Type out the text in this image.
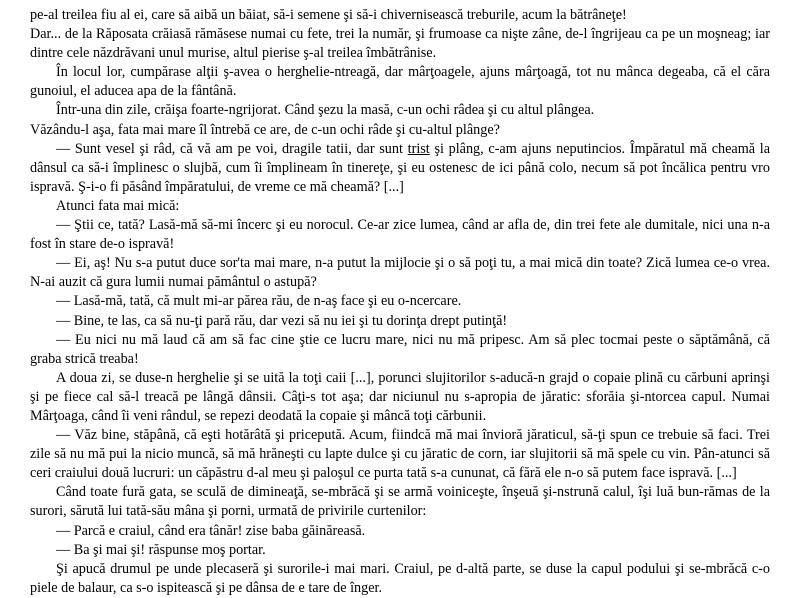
pe-al treilea fiu al ei, care să aibă un băiat, să-i semene şi să-i chivernisească treburile, acum la bătrâneţe!

Dar... de la Răposata crăiasă rămăsese numai cu fete, trei la număr, şi frumoase ca nişte zâne, de-l îngrijeau ca pe un moşneag; iar dintre cele năzdrăvani unul murise, altul pierise ş-al treilea îmbătrânise.

În locul lor, cumpărase alţii ş-avea o herghelie-ntreagă, dar mârţoagele, ajuns mârţoagă, tot nu mânca degeaba, că el căra gunoiul, el aducea apa de la fântână.

Într-una din zile, crăişa foarte-ngrijorat. Când şezu la masă, c-un ochi râdea şi cu altul plângea.

Văzându-l aşa, fata mai mare îl întrebă ce are, de c-un ochi râde şi cu-altul plânge?

— Sunt vesel şi râd, că vă am pe voi, dragile tatii, dar sunt trist şi plâng, c-am ajuns neputincios. Împăratul mă cheamă la dânsul ca să-i împlinesc o slujbă, cum îi împlineam în tinereţe, şi eu ostenesc de ici până colo, necum să pot încălica pentru vro ispravă. Ş-i-o fi păsând împăratului, de vreme ce mă cheamă? [...]

Atunci fata mai mică:

— Ştii ce, tată? Lasă-mă să-mi încerc şi eu norocul. Ce-ar zice lumea, când ar afla de, din trei fete ale dumitale, nici una n-a fost în stare de-o ispravă!

— Ei, aş! Nu s-a putut duce sor'ta mai mare, n-a putut la mijlocie şi o să poţi tu, a mai mică din toate? Zică lumea ce-o vrea. N-ai auzit că gura lumii numai pământul o astupă?

— Lasă-mă, tată, că mult mi-ar părea rău, de n-aş face şi eu o-ncercare.

— Bine, te las, ca să nu-ţi pară rău, dar vezi să nu iei şi tu dorinţa drept putinţă!

— Eu nici nu mă laud că am să fac cine ştie ce lucru mare, nici nu mă pripesc. Am să plec tocmai peste o săptămână, că graba strică treaba!

A doua zi, se duse-n herghelie şi se uită la toţi caii [...], porunci slujitorilor s-aducă-n grajd o copaie plină cu cărbuni aprinşi şi pe fiece cal să-l treacă pe lângă dânsii. Câţi-s tot aşa; dar niciunul nu s-apropia de jăratic: sforăia şi-ntorcea capul. Numai Mârţoaga, când îi veni rândul, se repezi deodată la copaie şi mâncă toţi cărbunii.

— Văz bine, stăpână, că eşti hotărâtă şi pricepută. Acum, fiindcă mă mai învioră jăraticul, să-ţi spun ce trebuie să faci. Trei zile să nu mă pui la nicio muncă, să mă hrăneşti cu lapte dulce şi cu jăratic de corn, iar slujitorii să mă spele cu vin. Pân-atunci să ceri craiului două lucruri: un căpăstru d-al meu şi paloşul ce purta tată s-a cununat, că fără ele n-o să putem face ispravă. [...]

Când toate fură gata, se sculă de dimineaţă, se-mbrăcă şi se armă voiniceşte, înşeuă şi-nstrună calul, îşi luă bun-rămas de la surori, sărută lui tată-său mâna şi porni, urmată de privirile curtenilor:

— Parcă e craiul, când era tânăr! zise baba găinăreasă.

— Ba şi mai şi! răspunse moş portar.

Şi apucă drumul pe unde plecaseră şi surorile-i mai mari. Craiul, pe d-altă parte, se duse la capul podului şi se-mbrăcă c-o piele de balaur, ca s-o ispitească şi pe dânsa de e tare de înger.
